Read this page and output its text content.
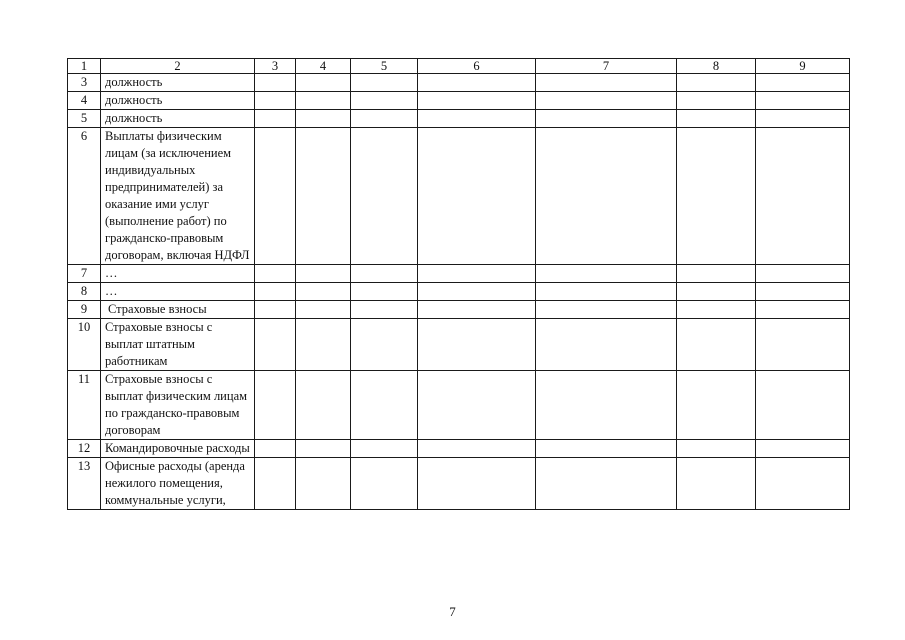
1	2	3	4	5	6	7	8	9
3	должность							
4	должность							
5	должность							
6	Выплаты физическим лицам (за исключением индивидуальных предпринимателей) за оказание ими услуг (выполнение работ) по гражданско-правовым договорам, включая НДФЛ							
7	…							
8	…							
9	Страховые взносы							
10	Страховые взносы с выплат штатным работникам							
11	Страховые взносы с выплат физическим лицам по гражданско-правовым договорам							
12	Командировочные расходы							
13	Офисные расходы (аренда нежилого помещения, коммунальные услуги,							
7
